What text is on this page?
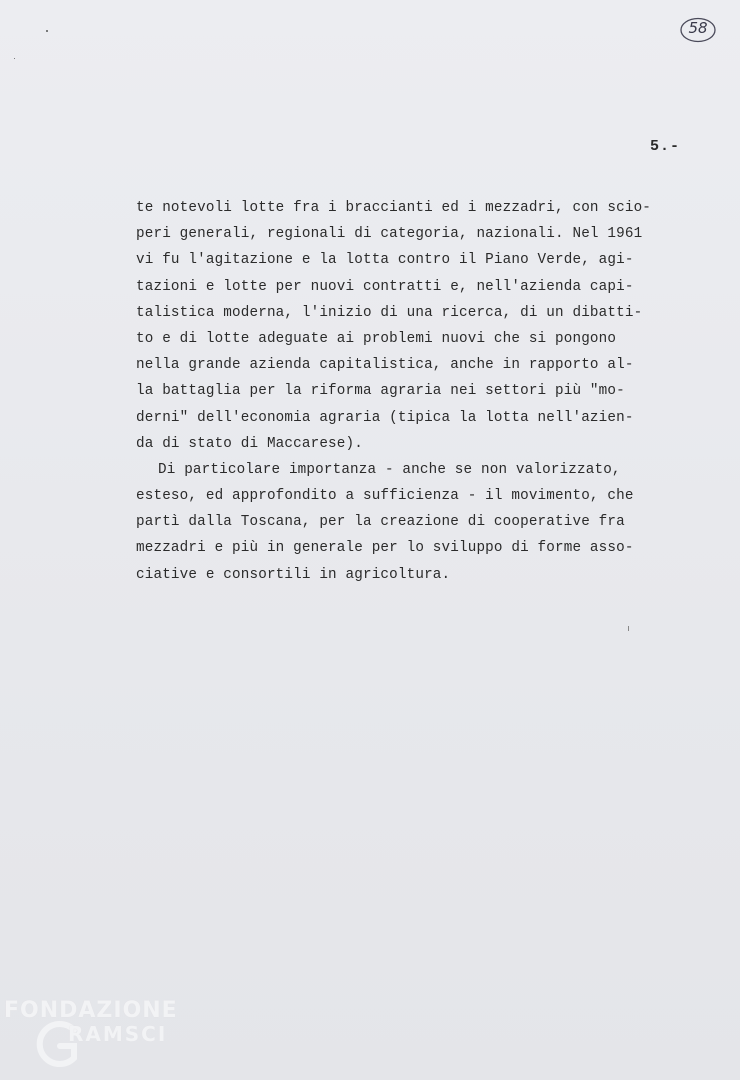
58
5.-
te notevoli lotte fra i braccianti ed i mezzadri, con scio-
peri generali, regionali di categoria, nazionali. Nel 1961
vi fu l'agitazione e la lotta contro il Piano Verde, agi-
tazioni e lotte per nuovi contratti e, nell'azienda capi-
talistica moderna, l'inizio di una ricerca, di un dibatti-
to e di lotte adeguate ai problemi nuovi che si pongono
nella grande azienda capitalistica, anche in rapporto al-
la battaglia per la riforma agraria nei settori più "mo-
derni" dell'economia agraria (tipica la lotta nell'azien-
da di stato di Maccarese).
Di particolare importanza - anche se non valorizzato,
esteso, ed approfondito a sufficienza - il movimento, che
partì dalla Toscana, per la creazione di cooperative fra
mezzadri e più in generale per lo sviluppo di forme asso-
ciative e consortili in agricoltura.
FONDAZIONE
RAMSCI
